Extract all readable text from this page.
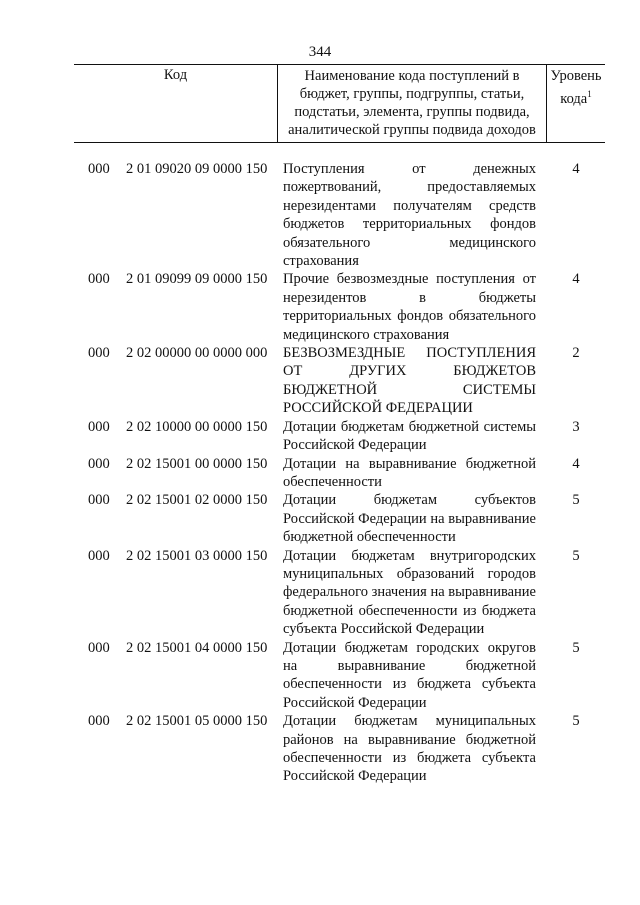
344
Код	Наименование кода поступлений в бюджет, группы, подгруппы, статьи, подстатьи, элемента, группы подвида, аналитической группы подвида доходов
Уровень кода$^1$
000 2 01 09020 09 0000 150 Поступления от денежных пожертвований, предоставляемых нерезидентами получателям средств бюджетов территориальных фондов обязательного медицинского страхования
4
000 2 01 09099 09 0000 150 Прочие безвозмездные поступления от нерезидентов в бюджеты территориальных фондов обязательного медицинского страхования
4
000 2 02 00000 00 0000 000 БЕЗВОЗМЕЗДНЫЕ ПОСТУПЛЕНИЯ ОТ ДРУГИХ БЮДЖЕТОВ БЮДЖЕТНОЙ СИСТЕМЫ РОССИЙСКОЙ ФЕДЕРАЦИИ
2
000 2 02 10000 00 0000 150 Дотации бюджетам бюджетной системы Российской Федерации
3
000 2 02 15001 00 0000 150 Дотации на выравнивание бюджетной обеспеченности
4
000 2 02 15001 02 0000 150 Дотации бюджетам субъектов Российской Федерации на выравнивание бюджетной обеспеченности
5
000 2 02 15001 03 0000 150 Дотации бюджетам внутригородских муниципальных образований городов федерального значения на выравнивание бюджетной обеспеченности из бюджета субъекта Российской Федерации
5
000 2 02 15001 04 0000 150 Дотации бюджетам городских округов на выравнивание бюджетной обеспеченности из бюджета субъекта Российской Федерации
5
000 2 02 15001 05 0000 150 Дотации бюджетам муниципальных районов на выравнивание бюджетной обеспеченности из бюджета субъекта Российской Федерации
5
